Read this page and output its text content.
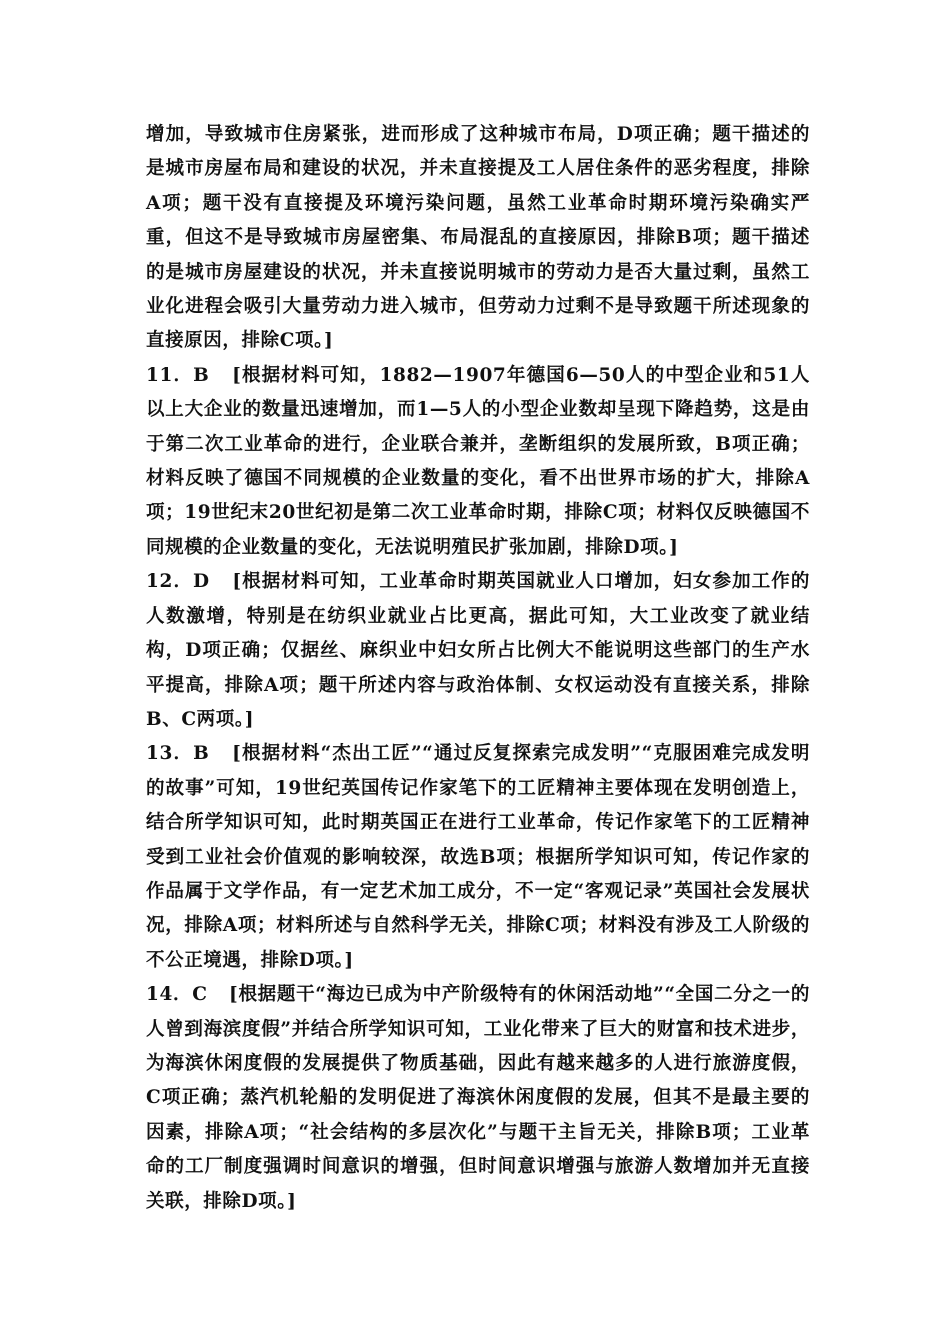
增加，导致城市住房紧张，进而形成了这种城市布局，D项正确；题干描述的是城市房屋布局和建设的状况，并未直接提及工人居住条件的恶劣程度，排除A项；题干没有直接提及环境污染问题，虽然工业革命时期环境污染确实严重，但这不是导致城市房屋密集、布局混乱的直接原因，排除B项；题干描述的是城市房屋建设的状况，并未直接说明城市的劳动力是否大量过剩，虽然工业化进程会吸引大量劳动力进入城市，但劳动力过剩不是导致题干所述现象的直接原因，排除C项。]

11．B [根据材料可知，1882—1907年德国6—50人的中型企业和51人以上大企业的数量迅速增加，而1—5人的小型企业数却呈现下降趋势，这是由于第二次工业革命的进行，企业联合兼并，垄断组织的发展所致，B项正确；材料反映了德国不同规模的企业数量的变化，看不出世界市场的扩大，排除A项；19世纪末20世纪初是第二次工业革命时期，排除C项；材料仅反映德国不同规模的企业数量的变化，无法说明殖民扩张加剧，排除D项。]

12．D [根据材料可知，工业革命时期英国就业人口增加，妇女参加工作的人数激增，特别是在纺织业就业占比更高，据此可知，大工业改变了就业结构，D项正确；仅据丝、麻织业中妇女所占比例大不能说明这些部门的生产水平提高，排除A项；题干所述内容与政治体制、女权运动没有直接关系，排除B、C两项。]

13．B [根据材料“杰出工匠”“通过反复探索完成发明”“克服困难完成发明的故事”可知，19世纪英国传记作家笔下的工匠精神主要体现在发明创造上，结合所学知识可知，此时期英国正在进行工业革命，传记作家笔下的工匠精神受到工业社会价值观的影响较深，故选B项；根据所学知识可知，传记作家的作品属于文学作品，有一定艺术加工成分，不一定“客观记录”英国社会发展状况，排除A项；材料所述与自然科学无关，排除C项；材料没有涉及工人阶级的不公正境遇，排除D项。]

14．C [根据题干“海边已成为中产阶级特有的休闲活动地”“全国二分之一的人曾到海滨度假”并结合所学知识可知，工业化带来了巨大的财富和技术进步，为海滨休闲度假的发展提供了物质基础，因此有越来越多的人进行旅游度假，C项正确；蒸汽机轮船的发明促进了海滨休闲度假的发展，但其不是最主要的因素，排除A项；“社会结构的多层次化”与题干主旨无关，排除B项；工业革命的工厂制度强调时间意识的增强，但时间意识增强与旅游人数增加并无直接关联，排除D项。]
